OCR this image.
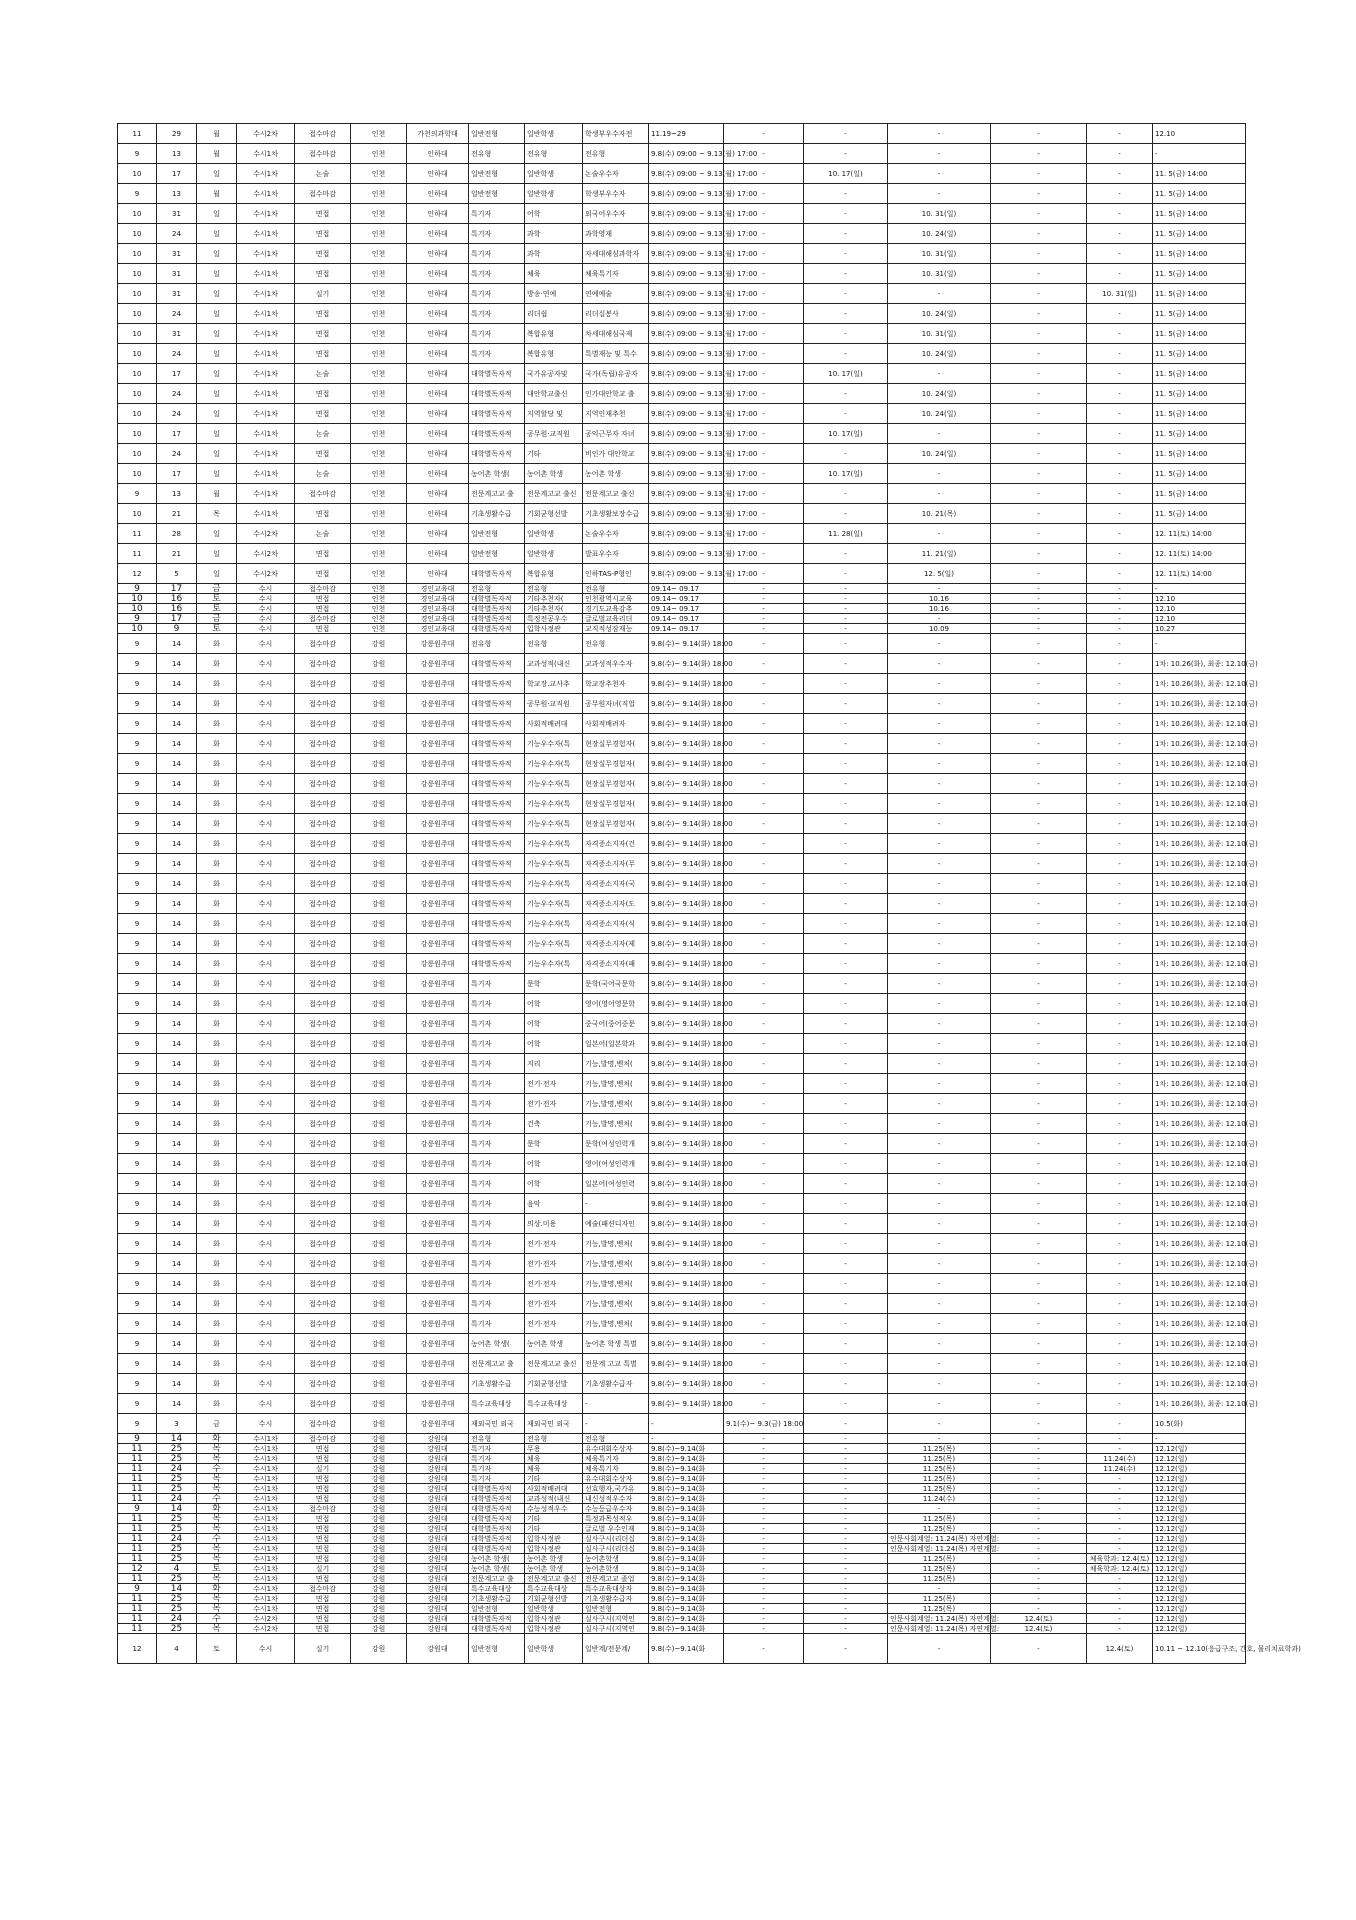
11	29	월	수시2차	접수마감	인천	가천의과학대	일반전형	일반학생	학생부우수자전	11.19~29	-	-	-	-	-	12.10
9	13	월	수시1차	접수마감	인천	인하대	전유형	전유형	전유형	9.8(수) 09:00 ~ 9.13(월) 17:00	-	-	-	-	-	-
10	17	일	수시1차	논술	인천	인하대	일반전형	일반학생	논술우수자	9.8(수) 09:00 ~ 9.13(월) 17:00	-	10. 17(일)	-	-	-	11. 5(금) 14:00
9	13	월	수시1차	접수마감	인천	인하대	일반전형	일반학생	학생부우수자	9.8(수) 09:00 ~ 9.13(월) 17:00	-	-	-	-	-	11. 5(금) 14:00
10	31	일	수시1차	면접	인천	인하대	특기자	어학	외국어우수자	9.8(수) 09:00 ~ 9.13(월) 17:00	-	-	10. 31(일)	-	-	11. 5(금) 14:00
10	24	일	수시1차	면접	인천	인하대	특기자	과학	과학영재	9.8(수) 09:00 ~ 9.13(월) 17:00	-	-	10. 24(일)	-	-	11. 5(금) 14:00
10	31	일	수시1차	면접	인천	인하대	특기자	과학	자세대해심과학자	9.8(수) 09:00 ~ 9.13(월) 17:00	-	-	10. 31(일)	-	-	11. 5(금) 14:00
10	31	일	수시1차	면접	인천	인하대	특기자	체육	체육특기자	9.8(수) 09:00 ~ 9.13(월) 17:00	-	-	10. 31(일)	-	-	11. 5(금) 14:00
10	31	일	수시1차	실기	인천	인하대	특기자	방송·연예	연예예술	9.8(수) 09:00 ~ 9.13(월) 17:00	-	-	-	-	10. 31(일)	11. 5(금) 14:00
10	24	일	수시1차	면접	인천	인하대	특기자	리더쉽	리더십봉사	9.8(수) 09:00 ~ 9.13(월) 17:00	-	-	10. 24(일)	-	-	11. 5(금) 14:00
10	31	일	수시1차	면접	인천	인하대	특기자	복합유형	차세대해심국제	9.8(수) 09:00 ~ 9.13(월) 17:00	-	-	10. 31(일)	-	-	11. 5(금) 14:00
10	24	일	수시1차	면접	인천	인하대	특기자	복합유형	특별재능 및 특수	9.8(수) 09:00 ~ 9.13(월) 17:00	-	-	10. 24(일)	-	-	11. 5(금) 14:00
10	17	일	수시1차	논술	인천	인하대	대학별독자적	국가유공자및	국가(독립)유공자	9.8(수) 09:00 ~ 9.13(월) 17:00	-	10. 17(일)	-	-	-	11. 5(금) 14:00
10	24	일	수시1차	면접	인천	인하대	대학별독자적	대안학교출신	인가대안학교 출	9.8(수) 09:00 ~ 9.13(월) 17:00	-	-	10. 24(일)	-	-	11. 5(금) 14:00
10	24	일	수시1차	면접	인천	인하대	대학별독자적	지역할당 및	지역인재추천	9.8(수) 09:00 ~ 9.13(월) 17:00	-	-	10. 24(일)	-	-	11. 5(금) 14:00
10	17	일	수시1차	논술	인천	인하대	대학별독자적	공무원·교직원	공익근무자 자녀	9.8(수) 09:00 ~ 9.13(월) 17:00	-	10. 17(일)	-	-	-	11. 5(금) 14:00
10	24	일	수시1차	면접	인천	인하대	대학별독자적	기타	비인가 대안학교	9.8(수) 09:00 ~ 9.13(월) 17:00	-	-	10. 24(일)	-	-	11. 5(금) 14:00
10	17	일	수시1차	논술	인천	인하대	농어촌 학생(	농어촌 학생	농어촌 학생	9.8(수) 09:00 ~ 9.13(월) 17:00	-	10. 17(일)	-	-	-	11. 5(금) 14:00
9	13	월	수시1차	접수마감	인천	인하대	전문계고교 출	전문계고교 출신	전문계고교 출신	9.8(수) 09:00 ~ 9.13(월) 17:00	-	-	-	-	-	11. 5(금) 14:00
10	21	목	수시1차	면접	인천	인하대	기초생활수급	기회균형선발	기초생활보장수급	9.8(수) 09:00 ~ 9.13(월) 17:00	-	-	10. 21(목)	-	-	11. 5(금) 14:00
11	28	일	수시2차	논술	인천	인하대	일반전형	일반학생	논술우수자	9.8(수) 09:00 ~ 9.13(월) 17:00	-	11. 28(일)	-	-	-	12. 11(토) 14:00
11	21	일	수시2차	면접	인천	인하대	일반전형	일반학생	발표우수자	9.8(수) 09:00 ~ 9.13(월) 17:00	-	-	11. 21(일)	-	-	12. 11(토) 14:00
12	5	일	수시2차	면접	인천	인하대	대학별독자적	복합유형	인하TAS-P형인	9.8(수) 09:00 ~ 9.13(월) 17:00	-	-	12. 5(일)	-	-	12. 11(토) 14:00
9	17	금	수시	접수마감	인천	경인교육대	전유형	전유형	전유형	09.14~ 09.17	-	-	-	-	-	-
10	16	토	수시	면접	인천	경인교육대	대학별독자적	기타추천자(	인천광역시교육	09.14~ 09.17	-	-	10.16	-	-	12.10
10	16	토	수시	면접	인천	경인교육대	대학별독자적	기타추천자(	경기도교육감추	09.14~ 09.17	-	-	10.16	-	-	12.10
9	17	금	수시	접수마감	인천	경인교육대	대학별독자적	특정전공우수	글로벌교육리더	09.14~ 09.17	-	-	-	-	-	12.10
10	9	토	수시	면접	인천	경인교육대	대학별독자적	입학사정관	교직적성잠재능	09.14~ 09.17	-	-	10.09	-	-	10.27
9	14	화	수시	접수마감	강원	강릉원주대	전유형	전유형	전유형	9.8(수)~ 9.14(화) 18:00	-	-	-	-	-	-
9	14	화	수시	접수마감	강원	강릉원주대	대학별독자적	교과성적(내신	교과성적우수자	9.8(수)~ 9.14(화) 18:00	-	-	-	-	-	1차: 10.26(화), 최종: 12.10(금)
9	14	화	수시	접수마감	강원	강릉원주대	대학별독자적	학교장.교사추	학교장추천자	9.8(수)~ 9.14(화) 18:00	-	-	-	-	-	1차: 10.26(화), 최종: 12.10(금)
9	14	화	수시	접수마감	강원	강릉원주대	대학별독자적	공무원·교직원	공무원자녀(직업	9.8(수)~ 9.14(화) 18:00	-	-	-	-	-	1차: 10.26(화), 최종: 12.10(금)
9	14	화	수시	접수마감	강원	강릉원주대	대학별독자적	사회적배려대	사회적배려자	9.8(수)~ 9.14(화) 18:00	-	-	-	-	-	1차: 10.26(화), 최종: 12.10(금)
9	14	화	수시	접수마감	강원	강릉원주대	대학별독자적	기능우수자(특	현장실무경험자(	9.8(수)~ 9.14(화) 18:00	-	-	-	-	-	1차: 10.26(화), 최종: 12.10(금)
9	14	화	수시	접수마감	강원	강릉원주대	대학별독자적	기능우수자(특	현장실무경험자(	9.8(수)~ 9.14(화) 18:00	-	-	-	-	-	1차: 10.26(화), 최종: 12.10(금)
9	14	화	수시	접수마감	강원	강릉원주대	대학별독자적	기능우수자(특	현장실무경험자(	9.8(수)~ 9.14(화) 18:00	-	-	-	-	-	1차: 10.26(화), 최종: 12.10(금)
9	14	화	수시	접수마감	강원	강릉원주대	대학별독자적	기능우수자(특	현장실무경험자(	9.8(수)~ 9.14(화) 18:00	-	-	-	-	-	1차: 10.26(화), 최종: 12.10(금)
9	14	화	수시	접수마감	강원	강릉원주대	대학별독자적	기능우수자(특	현장실무경험자(	9.8(수)~ 9.14(화) 18:00	-	-	-	-	-	1차: 10.26(화), 최종: 12.10(금)
9	14	화	수시	접수마감	강원	강릉원주대	대학별독자적	기능우수자(특	자격증소지자(건	9.8(수)~ 9.14(화) 18:00	-	-	-	-	-	1차: 10.26(화), 최종: 12.10(금)
9	14	화	수시	접수마감	강원	강릉원주대	대학별독자적	기능우수자(특	자격증소지자(무	9.8(수)~ 9.14(화) 18:00	-	-	-	-	-	1차: 10.26(화), 최종: 12.10(금)
9	14	화	수시	접수마감	강원	강릉원주대	대학별독자적	기능우수자(특	자격증소지자(국	9.8(수)~ 9.14(화) 18:00	-	-	-	-	-	1차: 10.26(화), 최종: 12.10(금)
9	14	화	수시	접수마감	강원	강릉원주대	대학별독자적	기능우수자(특	자격증소지자(도	9.8(수)~ 9.14(화) 18:00	-	-	-	-	-	1차: 10.26(화), 최종: 12.10(금)
9	14	화	수시	접수마감	강원	강릉원주대	대학별독자적	기능우수자(특	자격증소지자(식	9.8(수)~ 9.14(화) 18:00	-	-	-	-	-	1차: 10.26(화), 최종: 12.10(금)
9	14	화	수시	접수마감	강원	강릉원주대	대학별독자적	기능우수자(특	자격증소지자(제	9.8(수)~ 9.14(화) 18:00	-	-	-	-	-	1차: 10.26(화), 최종: 12.10(금)
9	14	화	수시	접수마감	강원	강릉원주대	대학별독자적	기능우수자(특	자격증소지자(패	9.8(수)~ 9.14(화) 18:00	-	-	-	-	-	1차: 10.26(화), 최종: 12.10(금)
9	14	화	수시	접수마감	강원	강릉원주대	특기자	문학	문학(국어국문학	9.8(수)~ 9.14(화) 18:00	-	-	-	-	-	1차: 10.26(화), 최종: 12.10(금)
9	14	화	수시	접수마감	강원	강릉원주대	특기자	어학	영어(영어영문학	9.8(수)~ 9.14(화) 18:00	-	-	-	-	-	1차: 10.26(화), 최종: 12.10(금)
9	14	화	수시	접수마감	강원	강릉원주대	특기자	어학	중국어(중어중문	9.8(수)~ 9.14(화) 18:00	-	-	-	-	-	1차: 10.26(화), 최종: 12.10(금)
9	14	화	수시	접수마감	강원	강릉원주대	특기자	어학	일본어(일본학과	9.8(수)~ 9.14(화) 18:00	-	-	-	-	-	1차: 10.26(화), 최종: 12.10(금)
9	14	화	수시	접수마감	강원	강릉원주대	특기자	지리	기능,발명,벤처(	9.8(수)~ 9.14(화) 18:00	-	-	-	-	-	1차: 10.26(화), 최종: 12.10(금)
9	14	화	수시	접수마감	강원	강릉원주대	특기자	전기·전자	기능,발명,벤처(	9.8(수)~ 9.14(화) 18:00	-	-	-	-	-	1차: 10.26(화), 최종: 12.10(금)
9	14	화	수시	접수마감	강원	강릉원주대	특기자	전기·전자	기능,발명,벤처(	9.8(수)~ 9.14(화) 18:00	-	-	-	-	-	1차: 10.26(화), 최종: 12.10(금)
9	14	화	수시	접수마감	강원	강릉원주대	특기자	건축	기능,발명,벤처(	9.8(수)~ 9.14(화) 18:00	-	-	-	-	-	1차: 10.26(화), 최종: 12.10(금)
9	14	화	수시	접수마감	강원	강릉원주대	특기자	문학	문학(여성인력개	9.8(수)~ 9.14(화) 18:00	-	-	-	-	-	1차: 10.26(화), 최종: 12.10(금)
9	14	화	수시	접수마감	강원	강릉원주대	특기자	어학	영어(여성인력개	9.8(수)~ 9.14(화) 18:00	-	-	-	-	-	1차: 10.26(화), 최종: 12.10(금)
9	14	화	수시	접수마감	강원	강릉원주대	특기자	어학	일본어(여성인력	9.8(수)~ 9.14(화) 18:00	-	-	-	-	-	1차: 10.26(화), 최종: 12.10(금)
9	14	화	수시	접수마감	강원	강릉원주대	특기자	음악	-	9.8(수)~ 9.14(화) 18:00	-	-	-	-	-	1차: 10.26(화), 최종: 12.10(금)
9	14	화	수시	접수마감	강원	강릉원주대	특기자	의상.미용	예술(패션디자인	9.8(수)~ 9.14(화) 18:00	-	-	-	-	-	1차: 10.26(화), 최종: 12.10(금)
9	14	화	수시	접수마감	강원	강릉원주대	특기자	전기·전자	기능,발명,벤처(	9.8(수)~ 9.14(화) 18:00	-	-	-	-	-	1차: 10.26(화), 최종: 12.10(금)
9	14	화	수시	접수마감	강원	강릉원주대	특기자	전기·전자	기능,발명,벤처(	9.8(수)~ 9.14(화) 18:00	-	-	-	-	-	1차: 10.26(화), 최종: 12.10(금)
9	14	화	수시	접수마감	강원	강릉원주대	특기자	전기·전자	기능,발명,벤처(	9.8(수)~ 9.14(화) 18:00	-	-	-	-	-	1차: 10.26(화), 최종: 12.10(금)
9	14	화	수시	접수마감	강원	강릉원주대	특기자	전기·전자	기능,발명,벤처(	9.8(수)~ 9.14(화) 18:00	-	-	-	-	-	1차: 10.26(화), 최종: 12.10(금)
9	14	화	수시	접수마감	강원	강릉원주대	특기자	전기·전자	기능,발명,벤처(	9.8(수)~ 9.14(화) 18:00	-	-	-	-	-	1차: 10.26(화), 최종: 12.10(금)
9	14	화	수시	접수마감	강원	강릉원주대	농어촌 학생(	농어촌 학생	농어촌 학생 특별	9.8(수)~ 9.14(화) 18:00	-	-	-	-	-	1차: 10.26(화), 최종: 12.10(금)
9	14	화	수시	접수마감	강원	강릉원주대	전문계고교 출	전문계고교 출신	전문계 고교 특별	9.8(수)~ 9.14(화) 18:00	-	-	-	-	-	1차: 10.26(화), 최종: 12.10(금)
9	14	화	수시	접수마감	강원	강릉원주대	기초생활수급	기회균형선발	기초생활수급자	9.8(수)~ 9.14(화) 18:00	-	-	-	-	-	1차: 10.26(화), 최종: 12.10(금)
9	14	화	수시	접수마감	강원	강릉원주대	특수교육대상	특수교육대상	-	9.8(수)~ 9.14(화) 18:00	-	-	-	-	-	1차: 10.26(화), 최종: 12.10(금)
9	3	금	수시	접수마감	강원	강릉원주대	재외국민 외국	재외국민 외국	-	-	9.1(수)~ 9.3(금) 18:00	-	-	-	-	10.5(화)
9	14	화	수시1차	접수마감	강원	강원대	전유형	전유형	전유형	-	-	-	-	-	-	-
11	25	목	수시1차	면접	강원	강원대	특기자	무용	유수대회수상자	9.8(수)~9.14(화	-	-	11.25(목)	-	-	12.12(일)
11	25	목	수시1차	면접	강원	강원대	특기자	체육	체육특기자	9.8(수)~9.14(화	-	-	11.25(목)	-	11.24(수)	12.12(일)
11	24	수	수시1차	실기	강원	강원대	특기자	체육	체육특기자	9.8(수)~9.14(화	-	-	11.25(목)	-	11.24(수)	12.12(일)
11	25	목	수시1차	면접	강원	강원대	특기자	기타	유수대회수상자	9.8(수)~9.14(화	-	-	11.25(목)	-	-	12.12(일)
11	25	목	수시1차	면접	강원	강원대	대학별독자적	사회적배려대	선효행자,국가유	9.8(수)~9.14(화	-	-	11.25(목)	-	-	12.12(일)
11	24	수	수시1차	면접	강원	강원대	대학별독자적	교과성적(내신	내신성적우수자	9.8(수)~9.14(화	-	-	11.24(수)	-	-	12.12(일)
9	14	화	수시1차	접수마감	강원	강원대	대학별독자적	수능성적우수	수능등급우수자	9.8(수)~9.14(화	-	-	-	-	-	12.12(일)
11	25	목	수시1차	면접	강원	강원대	대학별독자적	기타	특정과목성적우	9.8(수)~9.14(화	-	-	11.25(목)	-	-	12.12(일)
11	25	목	수시1차	면접	강원	강원대	대학별독자적	기타	글로벌 우수인재	9.8(수)~9.14(화	-	-	11.25(목)	-	-	12.12(일)
11	24	수	수시1차	면접	강원	강원대	대학별독자적	입학사정관	실사구시(리더십	9.8(수)~9.14(화	-	-	인문사회계열: 11.24(목) 자연계열:	-	-	12.12(일)
11	25	목	수시1차	면접	강원	강원대	대학별독자적	입학사정관	실사구시(리더십	9.8(수)~9.14(화	-	-	인문사회계열: 11.24(목) 자연계열:	-	-	12.12(일)
11	25	목	수시1차	면접	강원	강원대	농어촌 학생(	농어촌 학생	농어촌학생	9.8(수)~9.14(화	-	-	11.25(목)	-	체육학과: 12.4(토)	12.12(일)
12	4	토	수시1차	실기	강원	강원대	농어촌 학생(	농어촌 학생	농어촌학생	9.8(수)~9.14(화	-	-	11.25(목)	-	체육학과: 12.4(토)	12.12(일)
11	25	목	수시1차	면접	강원	강원대	전문계고교 출	전문계고교 출신	전문계고교 졸업	9.8(수)~9.14(화	-	-	11.25(목)	-	-	12.12(일)
9	14	화	수시1차	접수마감	강원	강원대	특수교육대상	특수교육대상	특수교육대상자	9.8(수)~9.14(화	-	-	-	-	-	12.12(일)
11	25	목	수시1차	면접	강원	강원대	기초생활수급	기회균형선발	기초생활수급자	9.8(수)~9.14(화	-	-	11.25(목)	-	-	12.12(일)
11	25	목	수시1차	면접	강원	강원대	일반전형	일반학생	일반전형	9.8(수)~9.14(화	-	-	11.25(목)	-	-	12.12(일)
11	24	수	수시2차	면접	강원	강원대	대학별독자적	입학사정관	실사구시(지역인	9.8(수)~9.14(화	-	-	인문사회계열: 11.24(목) 자연계열:	12.4(토)	-	12.12(일)
11	25	목	수시2차	면접	강원	강원대	대학별독자적	입학사정관	실사구시(지역인	9.8(수)~9.14(화	-	-	인문사회계열: 11.24(목) 자연계열:	12.4(토)	-	12.12(일)
12	4	토	수시	실기	강원	강원대	일반전형	일반학생	일반계/전문계/	9.8(수)~9.14(화	-	-	-	-	12.4(토)	10.11 ~ 12.10(응급구조, 간호, 물리치료학과)
